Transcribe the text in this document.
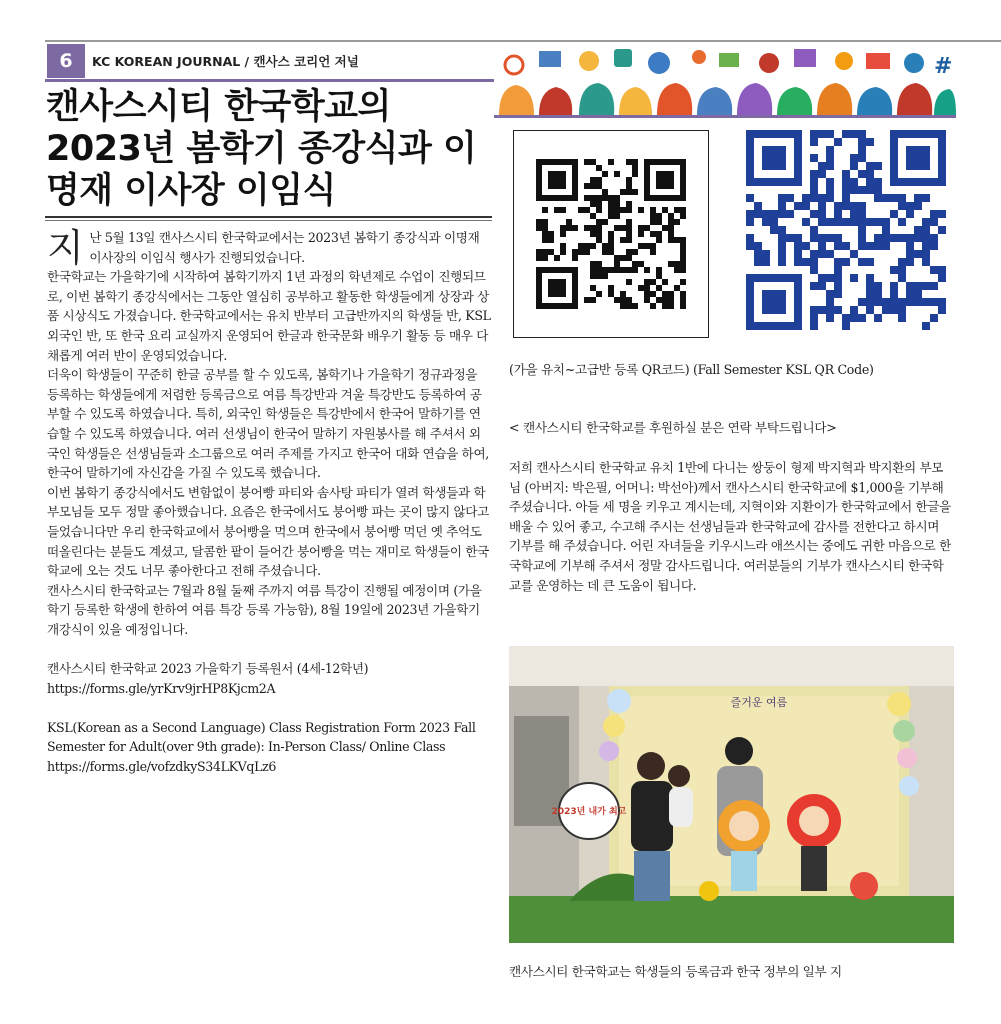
6	KC KOREAN JOURNAL / 캔사스 코리언 저널
캔사스시티 한국학교의 2023년 봄학기 종강식과 이명재 이사장 이임식

지난 5월 13일 캔사스시티 한국학교에서는 2023년 봄학기 종강식과 이명재 이사장의 이임식 행사가 진행되었습니다.

한국학교는 가을학기에 시작하여 봄학기까지 1년 과정의 학년제로 수업이 진행되므로, 이번 봄학기 종강식에서는 그동안 열심히 공부하고 활동한 학생들에게 상장과 상품 시상식도 가졌습니다. 한국학교에서는 유치 반부터 고급반까지의 학생들 반, KSL 외국인 반, 또 한국 요리 교실까지 운영되어 한글과 한국문화 배우기 활동 등 매우 다채롭게 여러 반이 운영되었습니다.

더욱이 학생들이 꾸준히 한글 공부를 할 수 있도록, 봄학기나 가을학기 정규과정을 등록하는 학생들에게 저렴한 등록금으로 여름 특강반과 겨울 특강반도 등록하여 공부할 수 있도록 하였습니다. 특히, 외국인 학생들은 특강반에서 한국어 말하기를 연습할 수 있도록 하였습니다. 여러 선생님이 한국어 말하기 자원봉사를 해 주셔서 외국인 학생들은 선생님들과 소그룹으로 여러 주제를 가지고 한국어 대화 연습을 하여, 한국어 말하기에 자신감을 가질 수 있도록 했습니다.

이번 봄학기 종강식에서도 변함없이 붕어빵 파티와 솜사탕 파티가 열려 학생들과 학부모님들 모두 정말 좋아했습니다. 요즘은 한국에서도 붕어빵 파는 곳이 많지 않다고 들었습니다만 우리 한국학교에서 붕어빵을 먹으며 한국에서 붕어빵 먹던 옛 추억도 떠올린다는 분들도 계셨고, 달콤한 팥이 들어간 붕어빵을 먹는 재미로 학생들이 한국학교에 오는 것도 너무 좋아한다고 전해 주셨습니다.

캔사스시티 한국학교는 7월과 8월 둘째 주까지 여름 특강이 진행될 예정이며 (가을 학기 등록한 학생에 한하여 여름 특강 등록 가능함), 8월 19일에 2023년 가을학기 개강식이 있을 예정입니다.

캔사스시티 한국학교 2023 가을학기 등록원서 (4세-12학년)

https://forms.gle/yrKrv9jrHP8Kjcm2A

KSL(Korean as a Second Language) Class Registration Form 2023 Fall Semester for Adult(over 9th grade): In-Person Class/ Online Class

https://forms.gle/vofzdkyS34LKVqLz6

#

(가을 유치~고급반 등록 QR코드) (Fall Semester KSL QR Code)

< 캔사스시티 한국학교를 후원하실 분은 연락 부탁드립니다>

저희 캔사스시티 한국학교 유치 1반에 다니는 쌍둥이 형제 박지혁과 박지환의 부모님 (아버지: 박은필, 어머니: 박선아)께서 캔사스시티 한국학교에 $1,000을 기부해 주셨습니다. 아들 세 명을 키우고 계시는데, 지혁이와 지환이가 한국학교에서 한글을 배울 수 있어 좋고, 수고해 주시는 선생님들과 한국학교에 감사를 전한다고 하시며 기부를 해 주셨습니다. 어린 자녀들을 키우시느라 애쓰시는 중에도 귀한 마음으로 한국학교에 기부해 주셔서 정말 감사드립니다. 여러분들의 기부가 캔사스시티 한국학교를 운영하는 데 큰 도움이 됩니다.

즐거운 여름
2023년 내가 최고

캔사스시티 한국학교는 학생들의 등록금과 한국 정부의 일부 지
